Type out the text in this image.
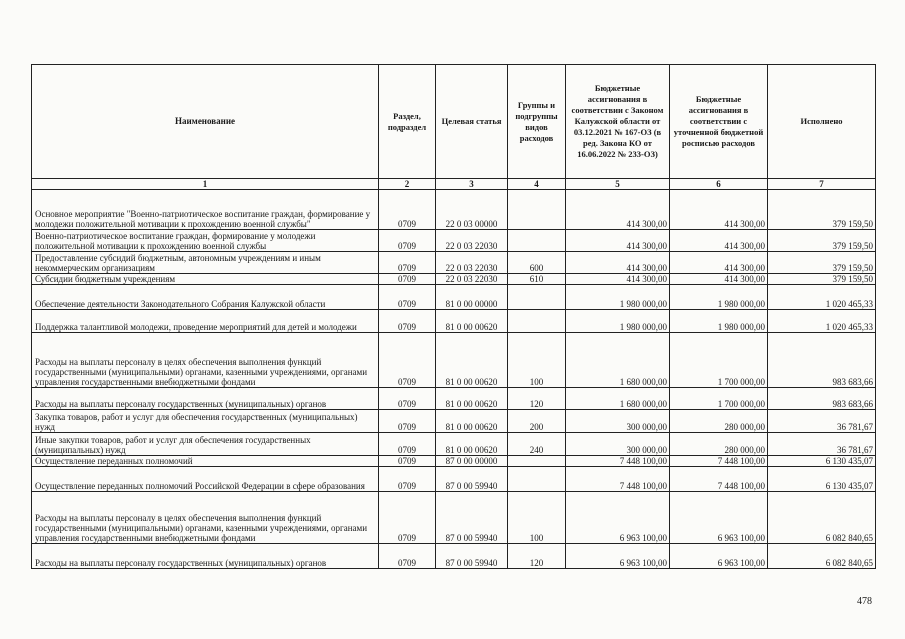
Наименование	Раздел, подраздел	Целевая статья	Группы и подгруппы видов расходов	Бюджетные ассигнования в соответствии с Законом Калужской области от 03.12.2021 № 167-ОЗ (в ред. Закона КО от 16.06.2022 № 233-ОЗ)	Бюджетные ассигнования в соответствии с уточненной бюджетной росписью расходов	Исполнено
1	2	3	4	5	6	7
Основное мероприятие "Военно-патриотическое воспитание граждан, формирование у молодежи положительной мотивации к прохождению военной службы"	0709	22 0 03 00000		414 300,00	414 300,00	379 159,50
Военно-патриотическое воспитание граждан, формирование у молодежи положительной мотивации к прохождению военной службы	0709	22 0 03 22030		414 300,00	414 300,00	379 159,50
Предоставление субсидий бюджетным, автономным учреждениям и иным некоммерческим организациям	0709	22 0 03 22030	600	414 300,00	414 300,00	379 159,50
Субсидии бюджетным учреждениям	0709	22 0 03 22030	610	414 300,00	414 300,00	379 159,50
Обеспечение деятельности Законодательного Собрания Калужской области	0709	81 0 00 00000		1 980 000,00	1 980 000,00	1 020 465,33
Поддержка талантливой молодежи, проведение мероприятий для детей и молодежи	0709	81 0 00 00620		1 980 000,00	1 980 000,00	1 020 465,33
Расходы на выплаты персоналу в целях обеспечения выполнения функций государственными (муниципальными) органами, казенными учреждениями, органами управления государственными внебюджетными фондами	0709	81 0 00 00620	100	1 680 000,00	1 700 000,00	983 683,66
Расходы на выплаты персоналу государственных (муниципальных) органов	0709	81 0 00 00620	120	1 680 000,00	1 700 000,00	983 683,66
Закупка товаров, работ и услуг для обеспечения государственных (муниципальных) нужд	0709	81 0 00 00620	200	300 000,00	280 000,00	36 781,67
Иные закупки товаров, работ и услуг для обеспечения государственных (муниципальных) нужд	0709	81 0 00 00620	240	300 000,00	280 000,00	36 781,67
Осуществление переданных полномочий	0709	87 0 00 00000		7 448 100,00	7 448 100,00	6 130 435,07
Осуществление переданных полномочий Российской Федерации в сфере образования	0709	87 0 00 59940		7 448 100,00	7 448 100,00	6 130 435,07
Расходы на выплаты персоналу в целях обеспечения выполнения функций государственными (муниципальными) органами, казенными учреждениями, органами управления государственными внебюджетными фондами	0709	87 0 00 59940	100	6 963 100,00	6 963 100,00	6 082 840,65
Расходы на выплаты персоналу государственных (муниципальных) органов	0709	87 0 00 59940	120	6 963 100,00	6 963 100,00	6 082 840,65
478
